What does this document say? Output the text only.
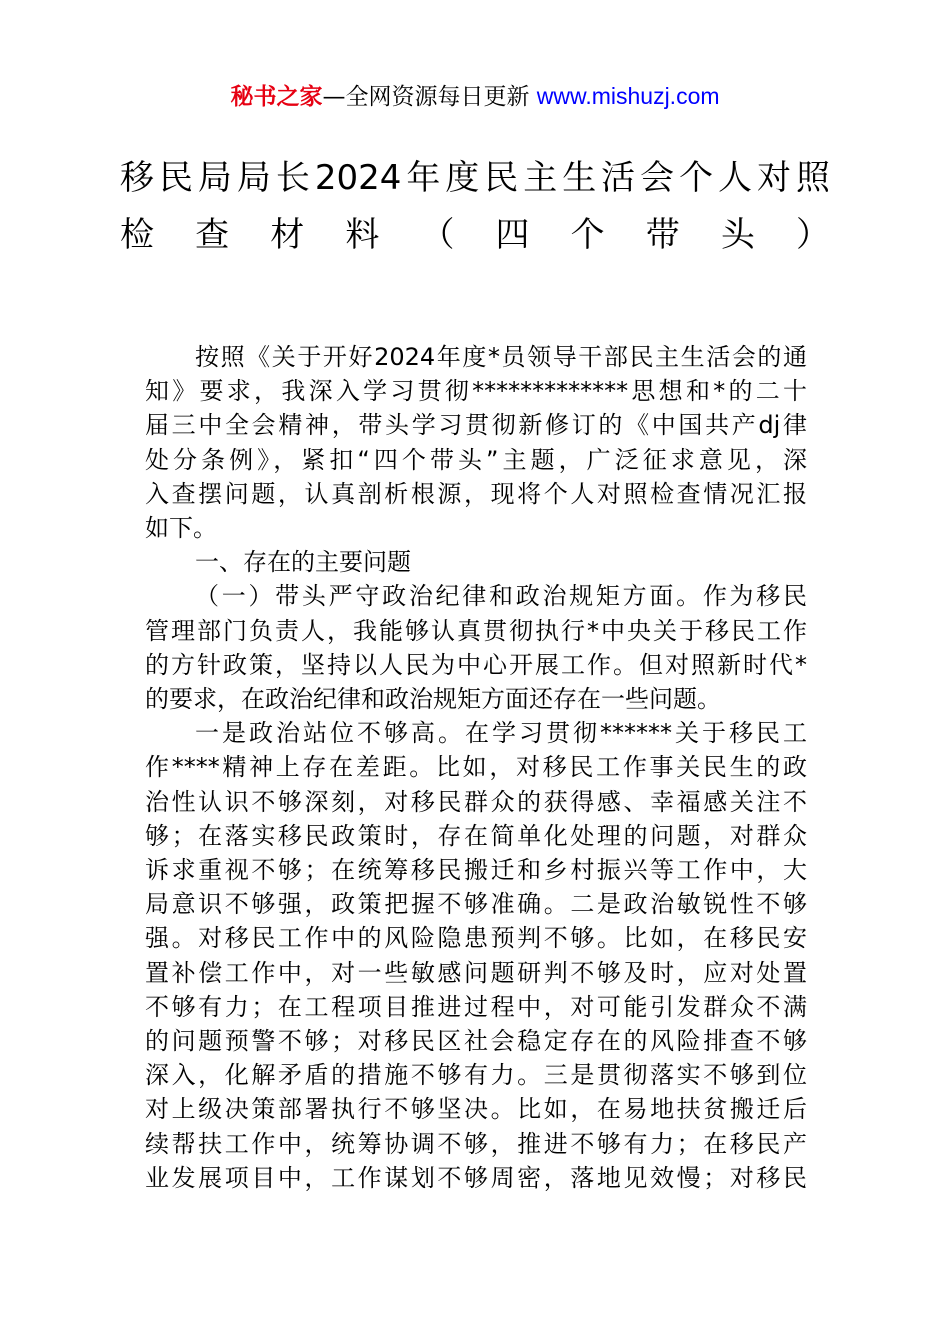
秘书之家—全网资源每日更新 www.mishuzj.com
移民局局长2024年度民主生活会个人对照
检查材料（四个带头）
按照《关于开好2024年度*员领导干部民主生活会的通
知》要求，我深入学习贯彻*************思想和*的二十
届三中全会精神，带头学习贯彻新修订的《中国共产dj律
处分条例》，紧扣“四个带头”主题，广泛征求意见，深
入查摆问题，认真剖析根源，现将个人对照检查情况汇报
如下。
一、存在的主要问题
（一）带头严守政治纪律和政治规矩方面。作为移民
管理部门负责人，我能够认真贯彻执行*中央关于移民工作
的方针政策，坚持以人民为中心开展工作。但对照新时代*
的要求，在政治纪律和政治规矩方面还存在一些问题。
一是政治站位不够高。在学习贯彻******关于移民工
作****精神上存在差距。比如，对移民工作事关民生的政
治性认识不够深刻，对移民群众的获得感、幸福感关注不
够；在落实移民政策时，存在简单化处理的问题，对群众
诉求重视不够；在统筹移民搬迁和乡村振兴等工作中，大
局意识不够强，政策把握不够准确。二是政治敏锐性不够
强。对移民工作中的风险隐患预判不够。比如，在移民安
置补偿工作中，对一些敏感问题研判不够及时，应对处置
不够有力；在工程项目推进过程中，对可能引发群众不满
的问题预警不够；对移民区社会稳定存在的风险排查不够
深入，化解矛盾的措施不够有力。三是贯彻落实不够到位
对上级决策部署执行不够坚决。比如，在易地扶贫搬迁后
续帮扶工作中，统筹协调不够，推进不够有力；在移民产
业发展项目中，工作谋划不够周密，落地见效慢；对移民
